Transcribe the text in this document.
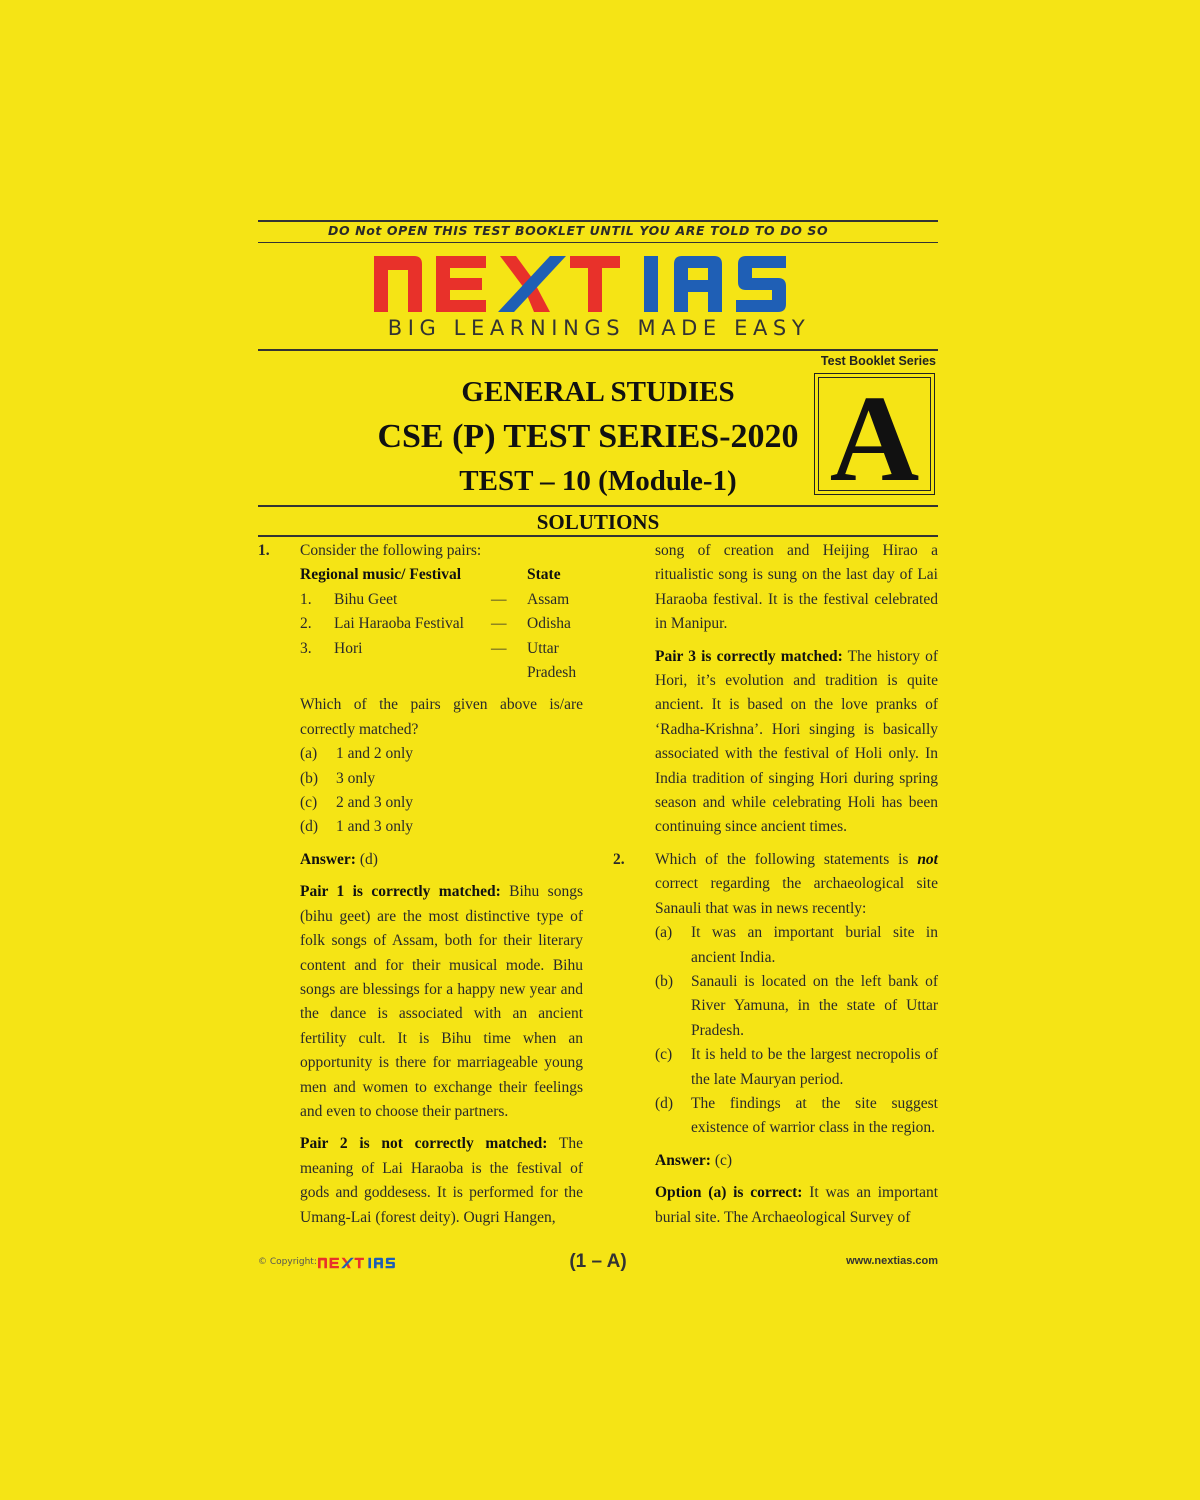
DO Not OPEN THIS TEST BOOKLET UNTIL YOU ARE TOLD TO DO SO
BIG LEARNINGS MADE EASY
Test Booklet Series
A
GENERAL STUDIES
CSE (P) TEST SERIES-2020
TEST – 10 (Module-1)
SOLUTIONS
1. Consider the following pairs:

Regional music/ Festival			State
1.	Bihu Geet	—	Assam
2.	Lai Haraoba Festival	—	Odisha
3.	Hori	—	Uttar Pradesh

Which of the pairs given above is/are correctly matched?

(a)	1 and 2 only
(b)	3 only
(c)	2 and 3 only
(d)	1 and 3 only

Answer: (d)

Pair 1 is correctly matched: Bihu songs (bihu geet) are the most distinctive type of folk songs of Assam, both for their literary content and for their musical mode. Bihu songs are blessings for a happy new year and the dance is associated with an ancient fertility cult. It is Bihu time when an opportunity is there for marriageable young men and women to exchange their feelings and even to choose their partners.

Pair 2 is not correctly matched: The meaning of Lai Haraoba is the festival of gods and goddesess. It is performed for the Umang-Lai (forest deity). Ougri Hangen,

song of creation and Heijing Hirao a ritualistic song is sung on the last day of Lai Haraoba festival. It is the festival celebrated in Manipur.

Pair 3 is correctly matched: The history of Hori, it’s evolution and tradition is quite ancient. It is based on the love pranks of ‘Radha-Krishna’. Hori singing is basically associated with the festival of Holi only. In India tradition of singing Hori during spring season and while celebrating Holi has been continuing since ancient times.

2. Which of the following statements is not correct regarding the archaeological site Sanauli that was in news recently:

(a)	It was an important burial site in ancient India.
(b)	Sanauli is located on the left bank of River Yamuna, in the state of Uttar Pradesh.
(c)	It is held to be the largest necropolis of the late Mauryan period.
(d)	The findings at the site suggest existence of warrior class in the region.

Answer: (c)

Option (a) is correct: It was an important burial site. The Archaeological Survey of

© Copyright:	(1 – A)	www.nextias.com
